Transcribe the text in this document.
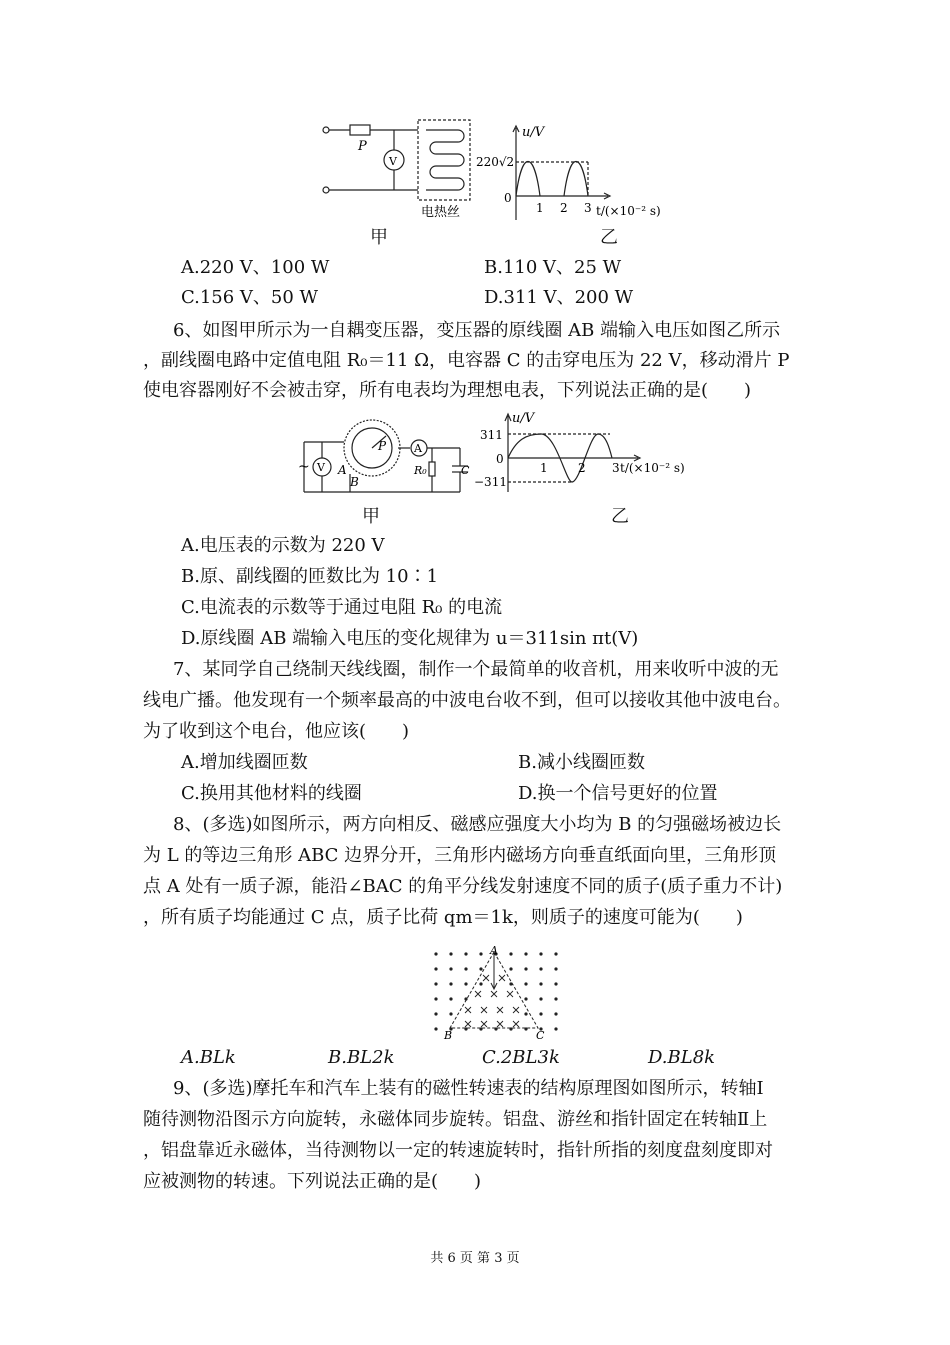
P
V
电热丝
u/V
220√2
0
1 2 3 t/(×10⁻² s)
甲	乙
A.220 V、100 W	B.110 V、25 W
C.156 V、50 W	D.311 V、200 W
6、如图甲所示为一自耦变压器，变压器的原线圈 AB 端输入电压如图乙所示
，副线圈电路中定值电阻 R₀＝11 Ω，电容器 C 的击穿电压为 22 V，移动滑片 P
使电容器刚好不会被击穿，所有电表均为理想电表，下列说法正确的是(　　)
~ V
A
A
B
P
R₀	C
u/V
311
0
−311
1	2 3 t/(×10⁻² s)
甲	乙
A.电压表的示数为 220 V
B.原、副线圈的匝数比为 10∶1
C.电流表的示数等于通过电阻 R₀ 的电流
D.原线圈 AB 端输入电压的变化规律为 u＝311sin πt(V)
7、某同学自己绕制天线线圈，制作一个最简单的收音机，用来收听中波的无
线电广播。他发现有一个频率最高的中波电台收不到，但可以接收其他中波电台。
为了收到这个电台，他应该(　　)
A.增加线圈匝数	B.减小线圈匝数
C.换用其他材料的线圈	D.换一个信号更好的位置
8、(多选)如图所示，两方向相反、磁感应强度大小均为 B 的匀强磁场被边长
为 L 的等边三角形 ABC 边界分开，三角形内磁场方向垂直纸面向里，三角形顶
点 A 处有一质子源，能沿∠BAC 的角平分线发射速度不同的质子(质子重力不计)
，所有质子均能通过 C 点，质子比荷 qm＝1k，则质子的速度可能为(　　)
A
B	C
A.BLk	B.BL2k	C.2BL3k	D.BL8k
9、(多选)摩托车和汽车上装有的磁性转速表的结构原理图如图所示，转轴Ⅰ
随待测物沿图示方向旋转，永磁体同步旋转。铝盘、游丝和指针固定在转轴Ⅱ上
，铝盘靠近永磁体，当待测物以一定的转速旋转时，指针所指的刻度盘刻度即对
应被测物的转速。下列说法正确的是(　　)
共 6 页 第 3 页
